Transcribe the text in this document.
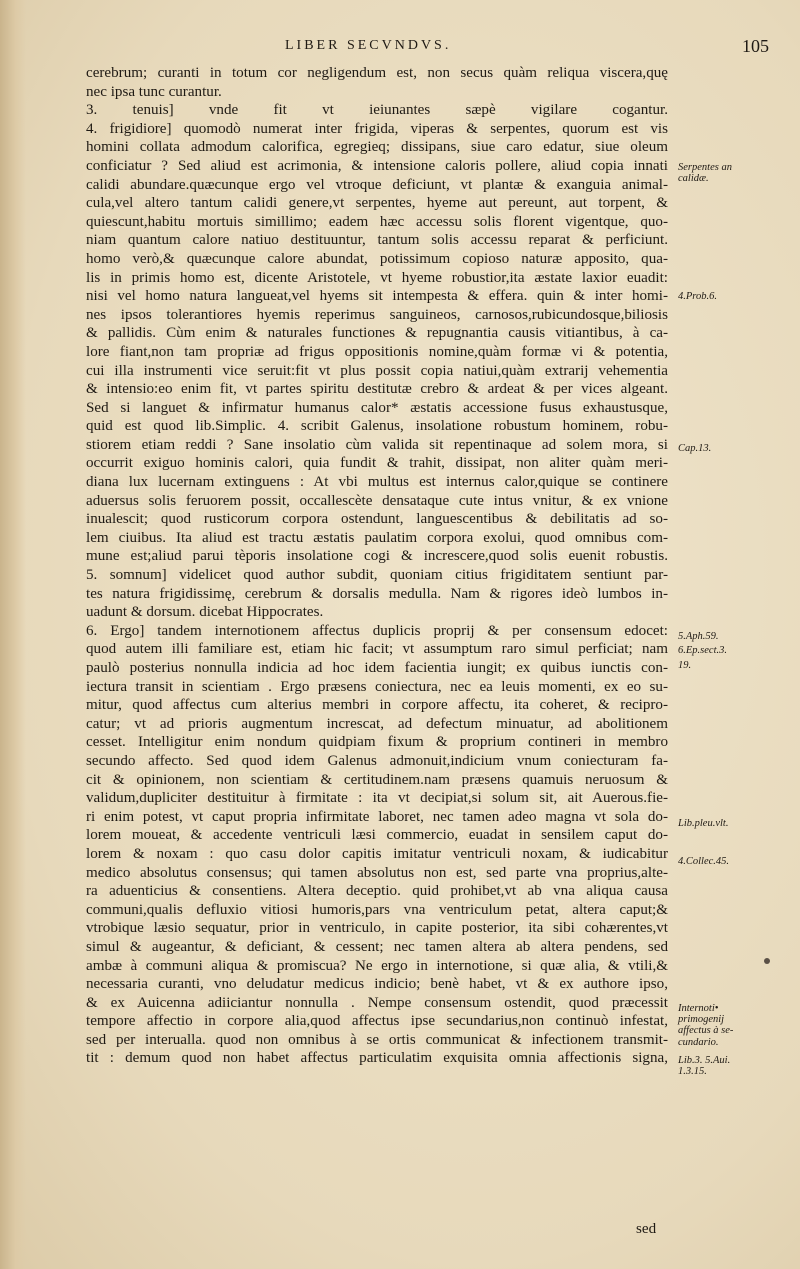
LIBER SECVNDVS.	105
cerebrum; curanti in totum cor negligendum est, non secus quàm reliqua viscera,quę
nec ipsa tunc curantur.
3. tenuis] vnde fit vt ieiunantes sæpè vigilare cogantur.
4. frigidiore] quomodò numerat inter frigida, viperas & serpentes, quorum est vis
homini collata admodum calorifica, egregieq; dissipans, siue caro edatur, siue oleum
conficiatur ? Sed aliud est acrimonia, & intensione caloris pollere, aliud copia innati
calidi abundare.quæcunque ergo vel vtroque deficiunt, vt plantæ & exanguia animal-
cula,vel altero tantum calidi genere,vt serpentes, hyeme aut pereunt, aut torpent, &
quiescunt,habitu mortuis simillimo; eadem hæc accessu solis florent vigentque, quo-
niam quantum calore natiuo destituuntur, tantum solis accessu reparat & perficiunt.
homo verò,& quæcunque calore abundat, potissimum copioso naturæ apposito, qua-
lis in primis homo est, dicente Aristotele, vt hyeme robustior,ita æstate laxior euadit:
nisi vel homo natura langueat,vel hyems sit intempesta & effera. quin & inter homi-
nes ipsos tolerantiores hyemis reperimus sanguineos, carnosos,rubicundosque,biliosis
& pallidis. Cùm enim & naturales functiones & repugnantia causis vitiantibus, à ca-
lore fiant,non tam propriæ ad frigus oppositionis nomine,quàm formæ vi & potentia,
cui illa instrumenti vice seruit:fit vt plus possit copia natiui,quàm extrarij vehementia
& intensio:eo enim fit, vt partes spiritu destitutæ crebro & ardeat & per vices algeant.
Sed si languet & infirmatur humanus calor* æstatis accessione fusus exhaustusque,
quid est quod lib.Simplic. 4. scribit Galenus, insolatione robustum hominem, robu-
stiorem etiam reddi ? Sane insolatio cùm valida sit repentinaque ad solem mora, si
occurrit exiguo hominis calori, quia fundit & trahit, dissipat, non aliter quàm meri-
diana lux lucernam extinguens : At vbi multus est internus calor,quique se continere
aduersus solis feruorem possit, occallescète densataque cute intus vnitur, & ex vnione
inualescit; quod rusticorum corpora ostendunt, languescentibus & debilitatis ad so-
lem ciuibus. Ita aliud est tractu æstatis paulatim corpora exolui, quod omnibus com-
mune est;aliud parui tèporis insolatione cogi & increscere,quod solis euenit robustis.
5. somnum] videlicet quod author subdit, quoniam citius frigiditatem sentiunt par-
tes natura frigidissimę, cerebrum & dorsalis medulla. Nam & rigores ideò lumbos in-
uadunt & dorsum. dicebat Hippocrates.
6. Ergo] tandem internotionem affectus duplicis proprij & per consensum edocet:
quod autem illi familiare est, etiam hic facit; vt assumptum raro simul perficiat; nam
paulò posterius nonnulla indicia ad hoc idem facientia iungit; ex quibus iunctis con-
iectura transit in scientiam . Ergo præsens coniectura, nec ea leuis momenti, ex eo su-
mitur, quod affectus cum alterius membri in corpore affectu, ita coheret, & recipro-
catur; vt ad prioris augmentum increscat, ad defectum minuatur, ad abolitionem
cesset. Intelligitur enim nondum quidpiam fixum & proprium contineri in membro
secundo affecto. Sed quod idem Galenus admonuit,indicium vnum coniecturam fa-
cit & opinionem, non scientiam & certitudinem.nam præsens quamuis neruosum &
validum,dupliciter destituitur à firmitate : ita vt decipiat,si solum sit, ait Auerous.fie-
ri enim potest, vt caput propria infirmitate laboret, nec tamen adeo magna vt sola do-
lorem moueat, & accedente ventriculi læsi commercio, euadat in sensilem caput do-
lorem & noxam : quo casu dolor capitis imitatur ventriculi noxam, & iudicabitur
medico absolutus consensus; qui tamen absolutus non est, sed parte vna proprius,alte-
ra aduenticius & consentiens. Altera deceptio. quid prohibet,vt ab vna aliqua causa
communi,qualis defluxio vitiosi humoris,pars vna ventriculum petat, altera caput;&
vtrobique læsio sequatur, prior in ventriculo, in capite posterior, ita sibi cohærentes,vt
simul & augeantur, & deficiant, & cessent; nec tamen altera ab altera pendens, sed
ambæ à communi aliqua & promiscua? Ne ergo in internotione, si quæ alia, & vtili,&
necessaria curanti, vno deludatur medicus indicio; benè habet, vt & ex authore ipso,
& ex Auicenna adiiciantur nonnulla . Nempe consensum ostendit, quod præcessit
tempore affectio in corpore alia,quod affectus ipse secundarius,non continuò infestat,
sed per interualla. quod non omnibus à se ortis communicat & infectionem transmit-
tit : demum quod non habet affectus particulatim exquisita omnia affectionis signa,
Serpentes an
calidæ.
4.Prob.6.
Cap.13.
5.Aph.59.
6.Ep.sect.3.
19.
Lib.pleu.vlt.
4.Collec.45.
Internoti•
primogenij
affectus à se-
cundario.
Lib.3. 5.Aui.
1.3.15.
sed
